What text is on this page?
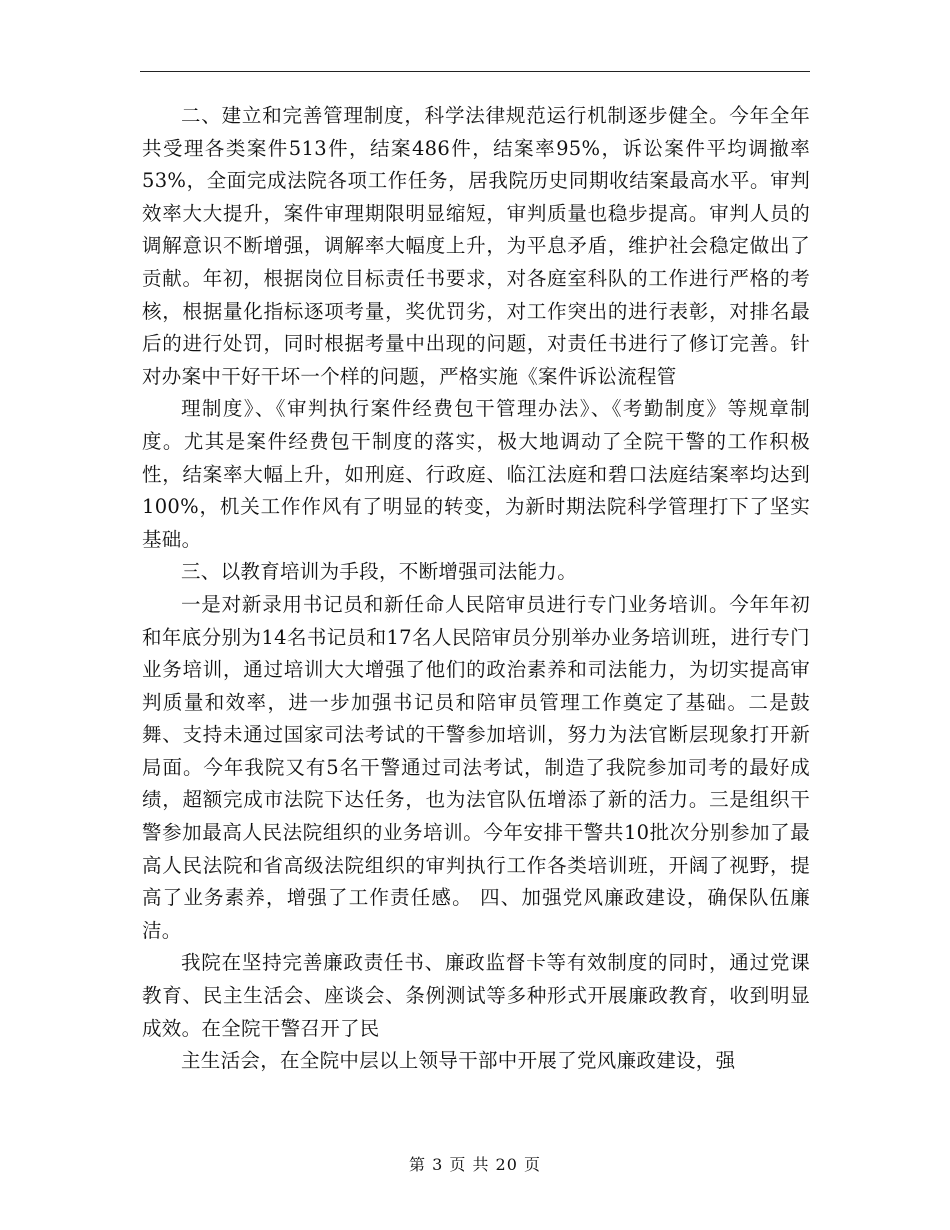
二、建立和完善管理制度，科学法律规范运行机制逐步健全。今年全年共受理各类案件513件，结案486件，结案率95%，诉讼案件平均调撤率53%，全面完成法院各项工作任务，居我院历史同期收结案最高水平。审判效率大大提升，案件审理期限明显缩短，审判质量也稳步提高。审判人员的调解意识不断增强，调解率大幅度上升，为平息矛盾，维护社会稳定做出了贡献。年初，根据岗位目标责任书要求，对各庭室科队的工作进行严格的考核，根据量化指标逐项考量，奖优罚劣，对工作突出的进行表彰，对排名最后的进行处罚，同时根据考量中出现的问题，对责任书进行了修订完善。针对办案中干好干坏一个样的问题，严格实施《案件诉讼流程管

理制度》、《审判执行案件经费包干管理办法》、《考勤制度》等规章制度。尤其是案件经费包干制度的落实，极大地调动了全院干警的工作积极性，结案率大幅上升，如刑庭、行政庭、临江法庭和碧口法庭结案率均达到100%，机关工作作风有了明显的转变，为新时期法院科学管理打下了坚实基础。

三、以教育培训为手段，不断增强司法能力。

一是对新录用书记员和新任命人民陪审员进行专门业务培训。今年年初和年底分别为14名书记员和17名人民陪审员分别举办业务培训班，进行专门业务培训，通过培训大大增强了他们的政治素养和司法能力，为切实提高审判质量和效率，进一步加强书记员和陪审员管理工作奠定了基础。二是鼓舞、支持未通过国家司法考试的干警参加培训，努力为法官断层现象打开新局面。今年我院又有5名干警通过司法考试，制造了我院参加司考的最好成绩，超额完成市法院下达任务，也为法官队伍增添了新的活力。三是组织干警参加最高人民法院组织的业务培训。今年安排干警共10批次分别参加了最高人民法院和省高级法院组织的审判执行工作各类培训班，开阔了视野，提高了业务素养，增强了工作责任感。 四、加强党风廉政建设，确保队伍廉洁。

我院在坚持完善廉政责任书、廉政监督卡等有效制度的同时，通过党课教育、民主生活会、座谈会、条例测试等多种形式开展廉政教育，收到明显成效。在全院干警召开了民

主生活会，在全院中层以上领导干部中开展了党风廉政建设，强

第 3 页 共 20 页
